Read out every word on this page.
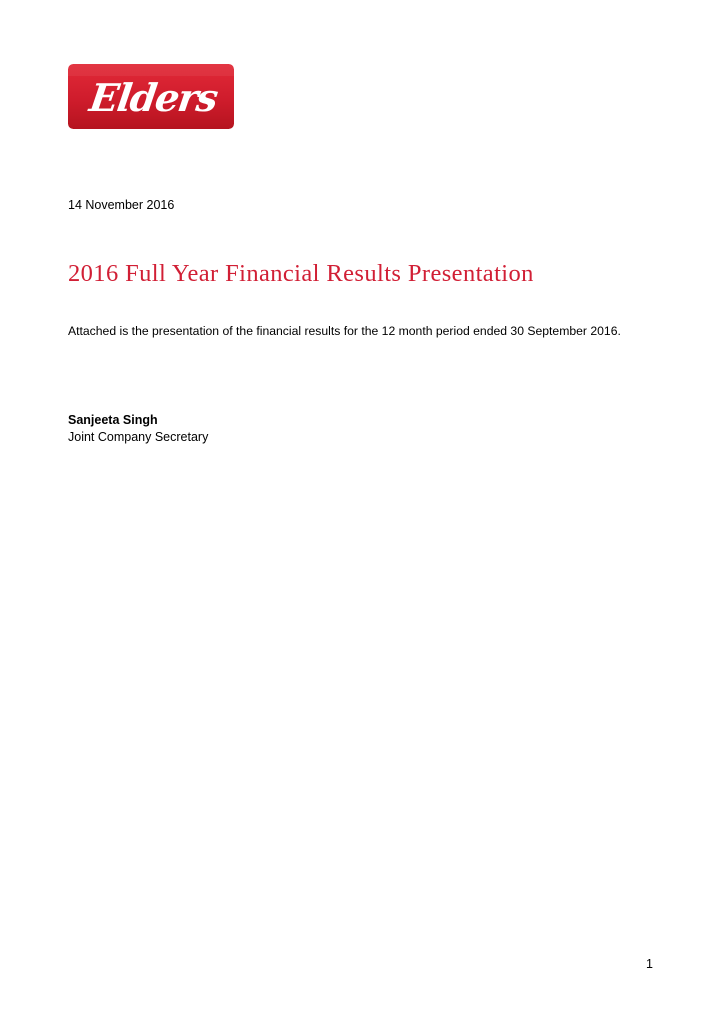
Elders
14 November 2016
2016 Full Year Financial Results Presentation
Attached is the presentation of the financial results for the 12 month period ended 30 September 2016.
Sanjeeta Singh
Joint Company Secretary
1
